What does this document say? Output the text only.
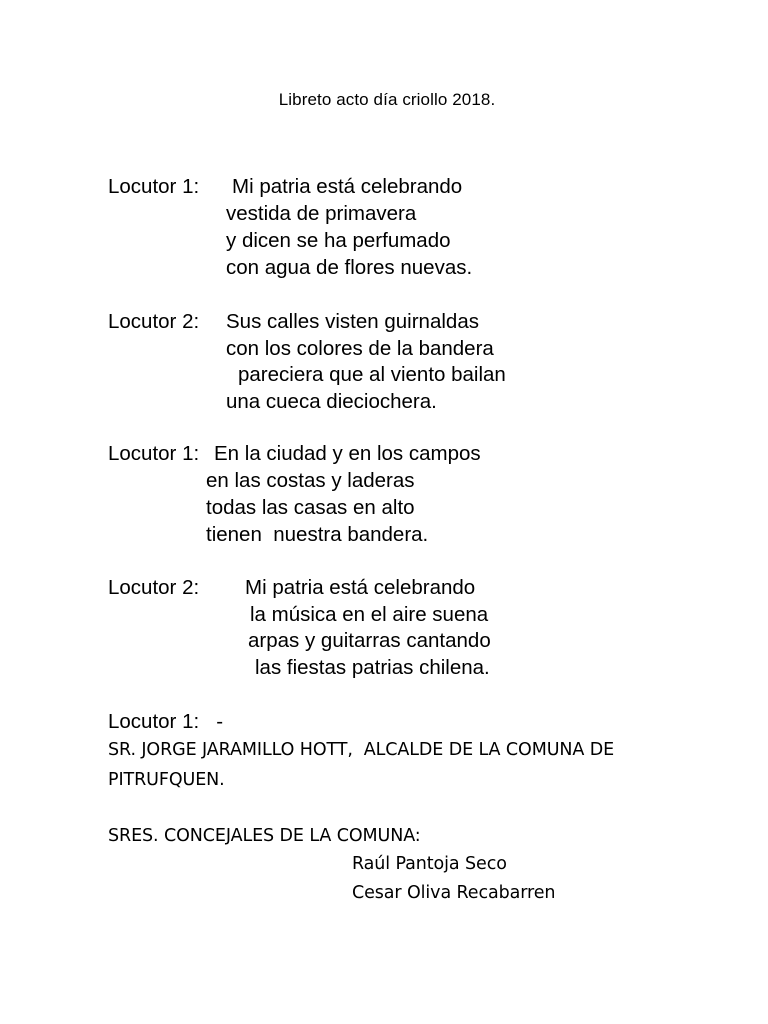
Libreto acto día criollo 2018.
Locutor 1: Mi patria está celebrando
vestida de primavera
y dicen se ha perfumado
con agua de flores nuevas.
Locutor 2: Sus calles visten guirnaldas
con los colores de la bandera
pareciera que al viento bailan
una cueca dieciochera.
Locutor 1: En la ciudad y en los campos
en las costas y laderas
todas las casas en alto
tienen  nuestra bandera.
Locutor 2: Mi patria está celebrando
la música en el aire suena
arpas y guitarras cantando
las fiestas patrias chilena.
Locutor 1:   -
SR. JORGE JARAMILLO HOTT,  ALCALDE DE LA COMUNA DE
PITRUFQUEN.
SRES. CONCEJALES DE LA COMUNA:
Raúl Pantoja Seco
Cesar Oliva Recabarren
